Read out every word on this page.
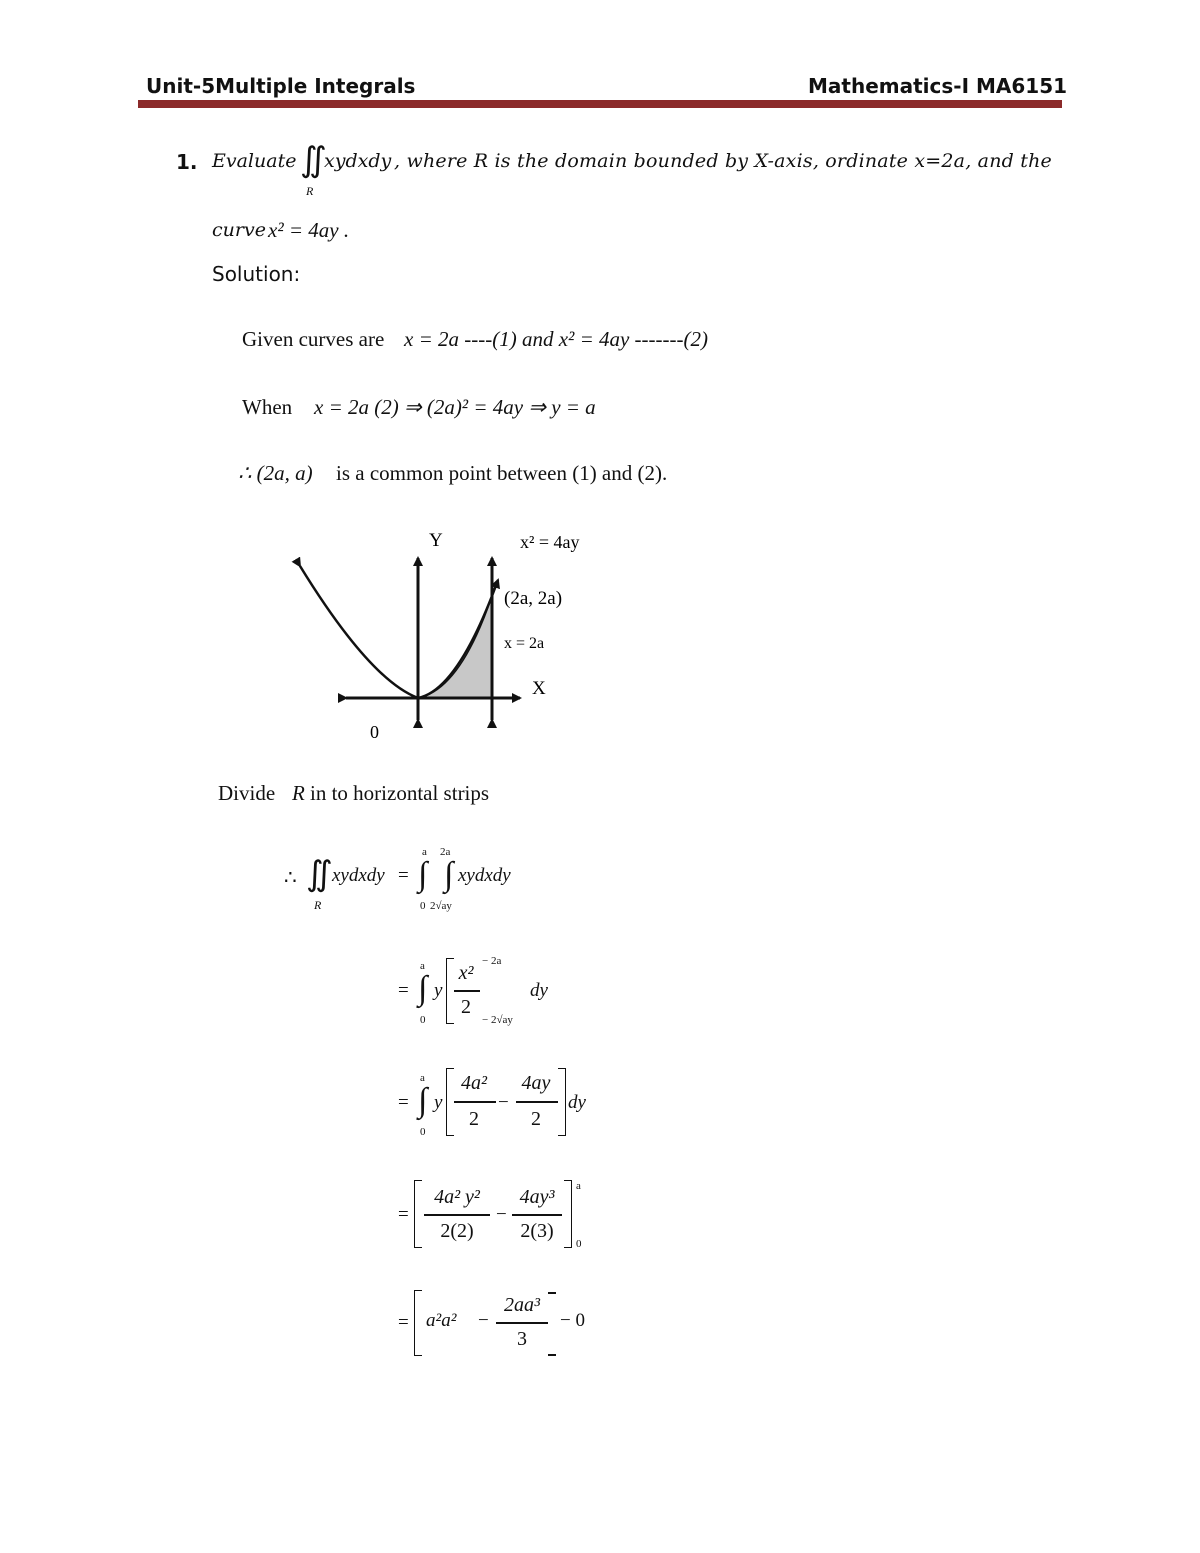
Unit-5Multiple Integrals	Mathematics-I MA6151
1. Evaluate ∬
xydxdy
R
, where R is the domain bounded by X-axis, ordinate x=2a, and the
curve x² = 4ay .
Solution:
Given curves are x = 2a ----(1) and x² = 4ay -------(2)
When x = 2a (2) ⇒ (2a)² = 4ay ⇒ y = a
∴ (2a, a) is a common point between (1) and (2).
Y
X
0
x² = 4ay
(2a, 2a)
x = 2a
Divide R in to horizontal strips
∴ ∬
R
xydxdy = ∫
a
0
∫
2a
2√ay
xydxdy
= ∫
a
0
y
x²
2
− 2a
− 2√ay
dy
= ∫
a
0
y
4a²
2
−
4ay
2
dy
=
4a² y²
2(2)
−
4ay³
2(3)
a
0
= a²a² −
2aa³
3
− 0
